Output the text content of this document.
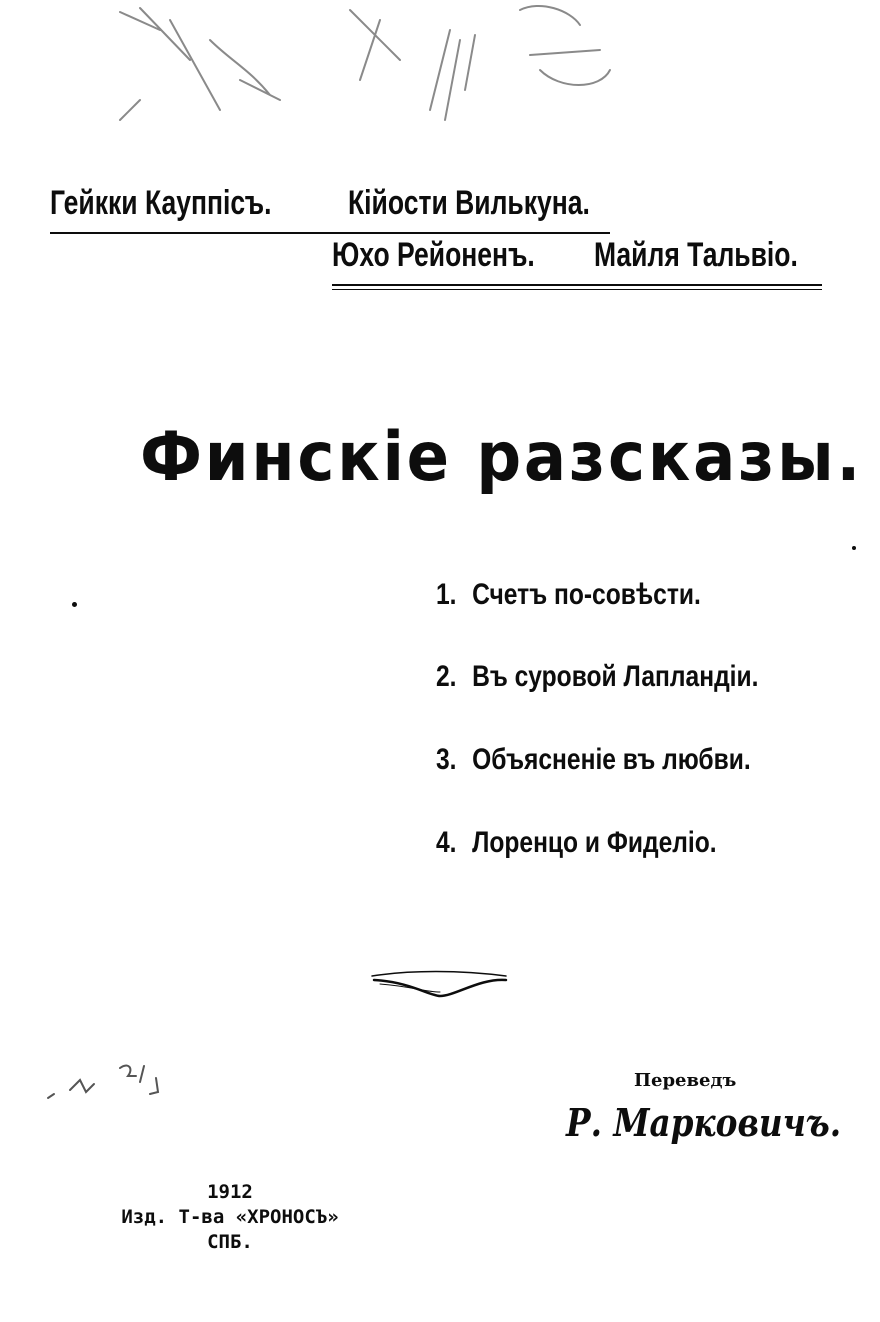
Гейкки Кауппісъ. Кійости Вилькуна.
Юхо Рейоненъ. Майля Тальвіо.
Финскіе разсказы.
1. Счетъ по-совѣсти.
2. Въ суровой Лапландіи.
3. Объясненіе въ любви.
4. Лоренцо и Фиделіо.
Переведъ
Р. Марковичъ.
1912
Изд. Т-ва «ХРОНОСЪ»
СПБ.
